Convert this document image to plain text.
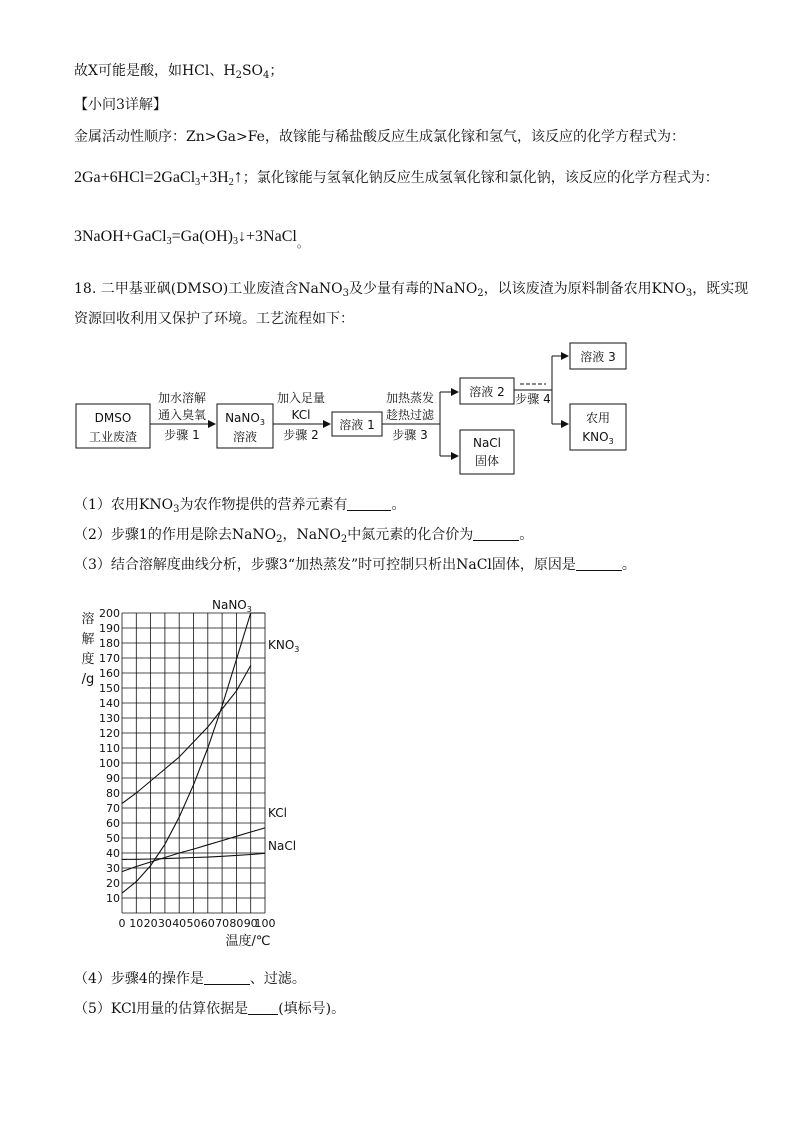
故X可能是酸，如HCl、$H_2SO_4$；
【小问3详解】
金属活动性顺序：Zn>Ga>Fe，故镓能与稀盐酸反应生成氯化镓和氢气，该反应的化学方程式为：
$2Ga+6HCl=2GaCl_3+3H_2↑$；氯化镓能与氢氧化钠反应生成氢氧化镓和氯化钠，该反应的化学方程式为：
$3NaOH+GaCl_3=Ga(OH)_3↓+3NaCl_。$
18. 二甲基亚砜(DMSO)工业废渣含NaNO$_3$及少量有毒的NaNO$_2$，以该废渣为原料制备农用$KNO_3$，既实现
资源回收利用又保护了环境。工艺流程如下：
DMSO
工业废渣
加水溶解
通入臭氧
步骤 1
NaNO$_3$
溶液
加入足量
KCl
步骤 2
溶液 1
加热蒸发
趁热过滤
步骤 3
溶液 2
NaCl
固体
步骤 4
溶液 3
农用
$KNO_3$
（1）农用$KNO_3$为农作物提供的营养元素有	。
（2）步骤1的作用是除去NaNO$_2$，NaNO$_2$中氮元素的化合价为	。
（3）结合溶解度曲线分析，步骤3“加热蒸发”时可控制只析出NaCl固体，原因是	。
10
20
30
40
50
60
70
80
90
100
110
120
130
140
150
160
170
180
190
200
0 10 20 30 40 50 60 70 80 90
100
溶
解
度
/g
温度/℃
NaNO$_3$
$KNO_3$
KCl
NaCl
（4）步骤4的操作是	、过滤。
（5）KCl用量的估算依据是 (填标号)。
